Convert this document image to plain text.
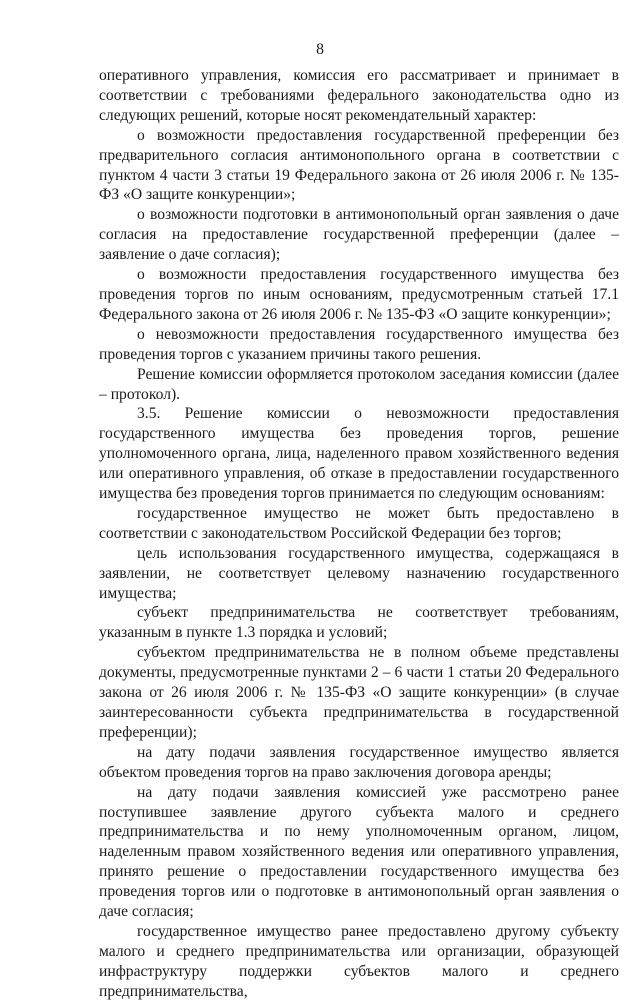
8

оперативного управления, комиссия его рассматривает и принимает в соответствии с требованиями федерального законодательства одно из следующих решений, которые носят рекомендательный характер:

о возможности предоставления государственной преференции без предварительного согласия антимонопольного органа в соответствии с пунктом 4 части 3 статьи 19 Федерального закона от 26 июля 2006 г. № 135-ФЗ «О защите конкуренции»;

о возможности подготовки в антимонопольный орган заявления о даче согласия на предоставление государственной преференции (далее – заявление о даче согласия);

о возможности предоставления государственного имущества без проведения торгов по иным основаниям, предусмотренным статьей 17.1 Федерального закона от 26 июля 2006 г. № 135-ФЗ «О защите конкуренции»;

о невозможности предоставления государственного имущества без проведения торгов с указанием причины такого решения.

Решение комиссии оформляется протоколом заседания комиссии (далее – протокол).

3.5. Решение комиссии о невозможности предоставления государственного имущества без проведения торгов, решение уполномоченного органа, лица, наделенного правом хозяйственного ведения или оперативного управления, об отказе в предоставлении государственного имущества без проведения торгов принимается по следующим основаниям:

государственное имущество не может быть предоставлено в соответствии с законодательством Российской Федерации без торгов;

цель использования государственного имущества, содержащаяся в заявлении, не соответствует целевому назначению государственного имущества;

субъект предпринимательства не соответствует требованиям, указанным в пункте 1.3 порядка и условий;

субъектом предпринимательства не в полном объеме представлены документы, предусмотренные пунктами 2 – 6 части 1 статьи 20 Федерального закона от 26 июля 2006 г. № 135-ФЗ «О защите конкуренции» (в случае заинтересованности субъекта предпринимательства в государственной преференции);

на дату подачи заявления государственное имущество является объектом проведения торгов на право заключения договора аренды;

на дату подачи заявления комиссией уже рассмотрено ранее поступившее заявление другого субъекта малого и среднего предпринимательства и по нему уполномоченным органом, лицом, наделенным правом хозяйственного ведения или оперативного управления, принято решение о предоставлении государственного имущества без проведения торгов или о подготовке в антимонопольный орган заявления о даче согласия;

государственное имущество ранее предоставлено другому субъекту малого и среднего предпринимательства или организации, образующей инфраструктуру поддержки субъектов малого и среднего предпринимательства,
